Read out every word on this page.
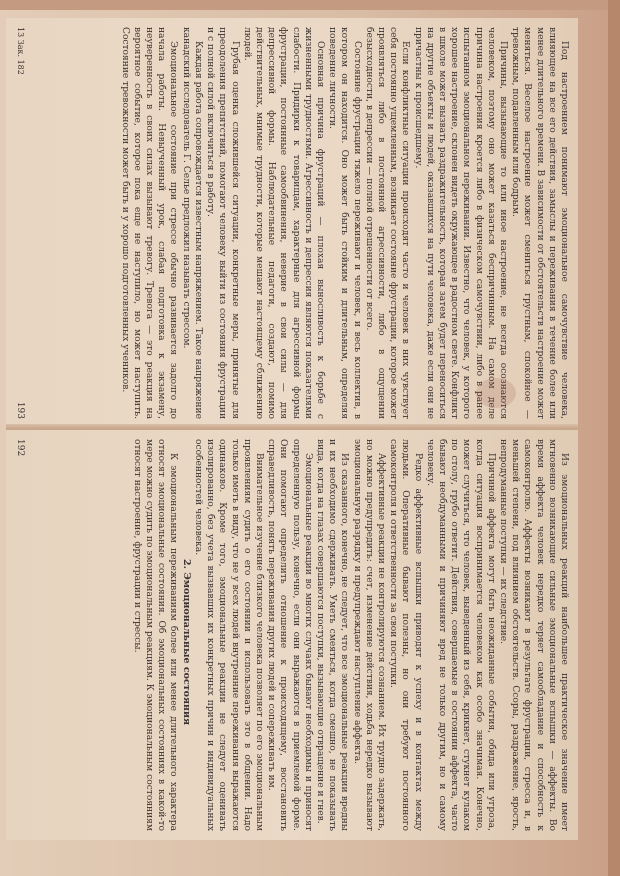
Под настроением понимают эмоциональное самочувствие человека, влияющее на все его действия, замыслы и переживания в течение более или менее длительного времени. В зависимости от обстоятельств настроение может меняться. Веселое настроение может смениться грустным, спокойное — тревожным, подавленным или бодрым.

Причины, вызывающие то или иное настроение, не всегда осознаются человеком, поэтому оно может казаться беспричинным. На самом деле причина настроения кроется либо в физическом самочувствии, либо в ранее испытанном эмоциональном переживании. Известно, что человек, у которого хорошее настроение, склонен видеть окружающее в радостном свете. Конфликт в школе может вызвать раздражительность, которая затем будет переноситься на другие объекты и людей, оказавшихся на пути человека, даже если они не причастны к происшедшему.

Если конфликтные ситуации происходят часто и человек в них чувствует себя постоянно ущемленным, возникает состояние фрустрации, которое может проявляться либо в постоянной агрессивности, либо в ощущении безысходности, в депрессии — полной отрешенности от всего.

Состояние фрустрации тяжело переживают и человек, и весь коллектив, в котором он находится. Оно может быть стойким и длительным, определяя поведение личности.

Основная причина фрустраций — плохая выносливость к борьбе с жизненными трудностями. Агрессивность и депрессия являются показателями слабости. Придирки к товарищам, характерные для агрессивной формы фрустрации, постоянные самообвинения, неверие в свои силы — для депрессивной формы. Наблюдательные педагоги, создают, помимо действительных, мнимые трудности, которые мешают настоящему сближению людей.

Грубая оценка сложившейся ситуации, конкретные меры, принятые для преодоления препятствий, помогают человеку выйти из состояния фрустрации и с полной силой включиться в работу.

Каждая работа сопровождается известным напряжением. Такое напряжение канадский исследователь Г. Селье предложил называть стрессом.

Эмоциональное состояние при стрессе обычно развивается задолго до начала работы. Невыученный урок, слабая подготовка к экзамену, неуверенность в своих силах вызывают тревогу. Тревога — это реакция на вероятное событие, которое пока еще не наступило, но может наступить. Состояние тревожности может быть и у хорошо подготовленных учеников.

13 Зак. 182
193

Из эмоциональных реакций наибольшее практическое значение имеет мгновенно возникающие сильные эмоциональные вспышки — аффекты. Во время аффекта человек нередко теряет самообладание и способность к самоконтролю. Аффекты возникают в результате фрустрации, стресса и, в меньшей степени, под влиянием обстоятельств. Ссоры, раздражение, ярость, непродуманные поступки — их следствие.

Причиной аффекта могут быть неожиданные события, обида или угроза, когда ситуация воспринимается человеком как особо значимая. Конечно, может случиться, что человек, выведенный из себя, крикнет, стукнет кулаком по столу, грубо ответит. Действия, совершаемые в состоянии аффекта, часто бывают необдуманными и причиняют вред не только другим, но и самому человеку.

Редко аффективные вспышки приводят к успеху и в контактах между людьми. Оперативные бывают полезны, но они требуют постоянного самоконтроля и ответственности за свои поступки.

Аффективные реакции не контролируются сознанием. Их трудно задержать, но можно предупредить: счет, изменение действия, ходьба нередко вызывают эмоциональную разрядку и предупреждают наступление аффекта.

Из сказанного, конечно, не следует, что все эмоциональные реакции вредны и их необходимо сдерживать. Уметь смеяться, когда смешно, не показывать вида, когда на глазах совершаются поступки, вызывающие отвращение и гнев.

Эмоциональные реакции во многих случаях бывают необходимы и приносят определенную пользу, конечно, если они выражаются в приемлемой форме. Они помогают определить отношение к происходящему, восстановить справедливость, понять переживания других людей и сопереживать им.

Внимательное изучение близкого человека позволяет по его эмоциональным проявлениям судить о его состоянии и использовать это в общении. Надо только иметь в виду, что не у всех людей внутренние переживания выражаются одинаково. Кроме того, эмоциональные реакции не следует оценивать изолированно, без учета вызвавших их конкретных причин и индивидуальных особенностей человека.

2. Эмоциональные состояния

К эмоциональным переживаниям более или менее длительного характера относят эмоциональные состояния. Об эмоциональных состояниях в какой-то мере можно судить по эмоциональным реакциям. К эмоциональным состояниям относят настроение, фрустрации и стрессы.

192
